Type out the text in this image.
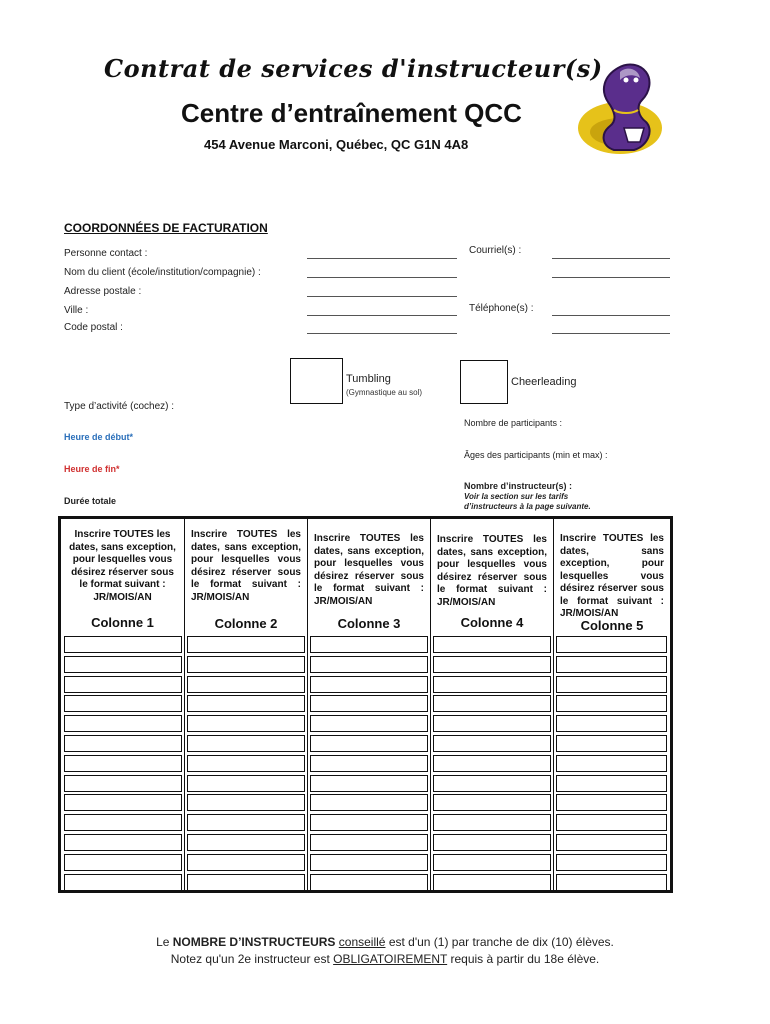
Contrat de services d'instructeur(s)
Centre d’entraînement QCC
454 Avenue Marconi, Québec, QC G1N 4A8
COORDONNÉES DE FACTURATION
Personne contact :
Nom du client (école/institution/compagnie) :
Adresse postale :
Ville :
Code postal :
Courriel(s) :
Téléphone(s) :
Tumbling
(Gymnastique au sol)
Cheerleading
Type d’activité (cochez) :
Nombre de participants :
Heure de début*
Âges des participants (min et max) :
Heure de fin*
Nombre d’instructeur(s) :
Voir la section sur les tarifs
d’instructeurs à la page suivante.
Durée totale
Inscrire TOUTES les dates, sans exception, pour lesquelles vous désirez réserver sous le format suivant : JR/MOIS/AN
Colonne 1
Inscrire TOUTES les dates, sans exception, pour lesquelles vous désirez réserver sous le format suivant : JR/MOIS/AN
Colonne 2
Inscrire TOUTES les dates, sans exception, pour lesquelles vous désirez réserver sous le format suivant : JR/MOIS/AN
Colonne 3
Inscrire TOUTES les dates, sans exception, pour lesquelles vous désirez réserver sous le format suivant : JR/MOIS/AN
Colonne 4
Inscrire TOUTES les dates, sans exception, pour lesquelles vous désirez réserver sous le format suivant : JR/MOIS/AN
Colonne 5
Le NOMBRE D’INSTRUCTEURS conseillé est d'un (1) par tranche de dix (10) élèves.
Notez qu'un 2e instructeur est OBLIGATOIREMENT requis à partir du 18e élève.
